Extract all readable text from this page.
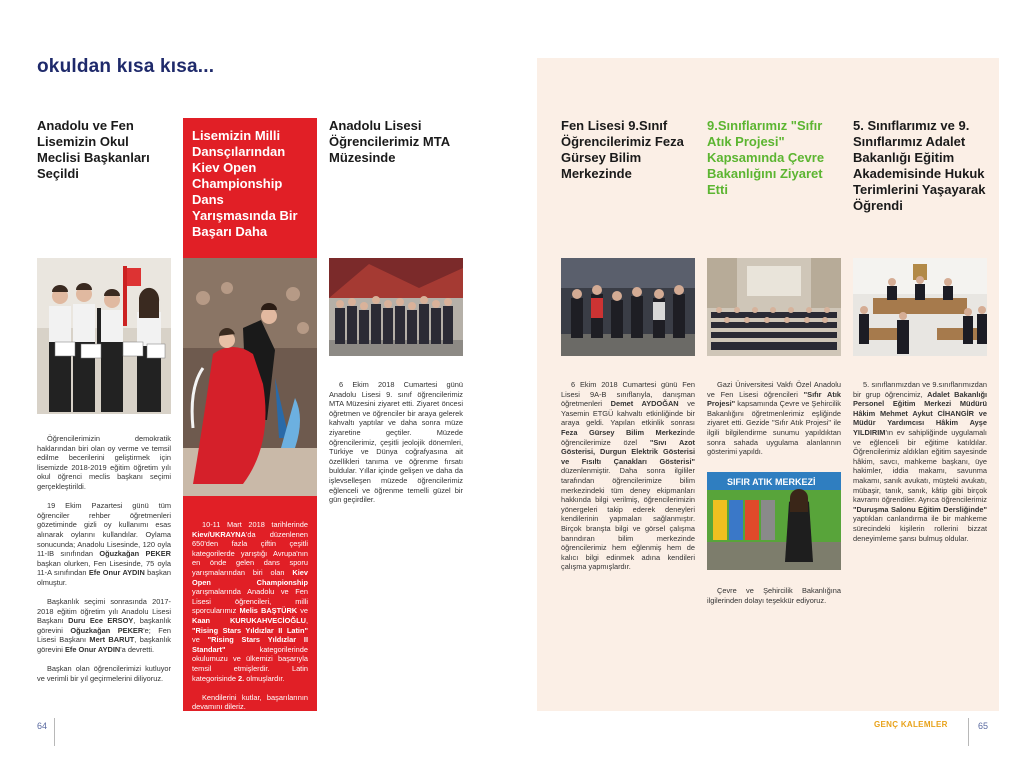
okuldan kısa kısa...
Anadolu ve Fen Lisemizin Okul Meclisi Başkanları Seçildi

Öğrencilerimizin demokratik haklarından biri olan oy verme ve temsil edilme becerilerini geliştirmek için lisemizde 2018-2019 eğitim öğretim yılı okul öğrenci meclis başkanı seçimi gerçekleştirildi.

19 Ekim Pazartesi günü tüm öğrenciler rehber öğretmenleri gözetiminde gizli oy kullanımı esas alınarak oylarını kullandılar. Oylama sonucunda; Anadolu Lisesinde, 120 oyla 11-IB sınıfından Oğuzkağan PEKER başkan olurken, Fen Lisesinde, 75 oyla 11-A sınıfından Efe Onur AYDIN başkan olmuştur.

Başkanlık seçimi sonrasında 2017-2018 eğitim öğretim yılı Anadolu Lisesi Başkanı Duru Ece ERSOY, başkanlık görevini Oğuzkağan PEKER'e; Fen Lisesi Başkanı Mert BARUT, başkanlık görevini Efe Onur AYDIN'a devretti.

Başkan olan öğrencilerimizi kutluyor ve verimli bir yıl geçirmelerini diliyoruz.

Lisemizin Milli Dansçılarından Kiev Open Championship Dans Yarışmasında Bir Başarı Daha

10-11 Mart 2018 tarihlerinde Kiev/UKRAYNA'da düzenlenen 650'den fazla çiftin çeşitli kategorilerde yarıştığı Avrupa'nın en önde gelen dans sporu yarışmalarından biri olan Kiev Open Championship yarışmalarında Anadolu ve Fen Lisesi öğrencileri, milli sporcularımız Melis BAŞTÜRK ve Kaan KURUKAHVECİOĞLU, "Rising Stars Yıldızlar II Latin" ve "Rising Stars Yıldızlar II Standart" kategorilerinde okulumuzu ve ülkemizi başarıyla temsil etmişlerdir. Latin kategorisinde 2. olmuşlardır.

Kendilerini kutlar, başarılarının devamını dileriz.

Anadolu Lisesi Öğrencilerimiz MTA Müzesinde

6 Ekim 2018 Cumartesi günü Anadolu Lisesi 9. sınıf öğrencilerimiz MTA Müzesini ziyaret etti. Ziyaret öncesi öğretmen ve öğrenciler bir araya gelerek kahvaltı yaptılar ve daha sonra müze ziyaretine geçtiler. Müzede öğrencilerimiz, çeşitli jeolojik dönemleri, Türkiye ve Dünya coğrafyasına ait özellikleri tanıma ve öğrenme fırsatı buldular. Yıllar içinde gelişen ve daha da işlevselleşen müzede öğrencilerimiz eğlenceli ve öğrenme temelli güzel bir gün geçirdiler.

Fen Lisesi 9.Sınıf Öğrencilerimiz Feza Gürsey Bilim Merkezinde

6 Ekim 2018 Cumartesi günü Fen Lisesi 9A-B sınıflarıyla, danışman öğretmenleri Demet AYDOĞAN ve Yasemin ETGÜ kahvaltı etkinliğinde bir araya geldi. Yapılan etkinlik sonrası Feza Gürsey Bilim Merkezinde öğrencilerimize özel "Sıvı Azot Gösterisi, Durgun Elektrik Gösterisi ve Fısıltı Çanakları Gösterisi" düzenlenmiştir. Daha sonra ilgililer tarafından öğrencilerimize bilim merkezindeki tüm deney ekipmanları hakkında bilgi verilmiş, öğrencilerimizin yönergeleri takip ederek deneyleri kendilerinin yapmaları sağlanmıştır. Birçok branşta bilgi ve görsel çalışma barındıran bilim merkezinde öğrencilerimiz hem eğlenmiş hem de kalıcı bilgi edinmek adına kendileri çalışma yapmışlardır.

9.Sınıflarımız "Sıfır Atık Projesi" Kapsamında Çevre Bakanlığını Ziyaret Etti

Gazi Üniversitesi Vakfı Özel Anadolu ve Fen Lisesi öğrencileri "Sıfır Atık Projesi" kapsamında Çevre ve Şehircilik Bakanlığını öğretmenlerimiz eşliğinde ziyaret etti. Gezide "Sıfır Atık Projesi" ile ilgili bilgilendirme sunumu yapıldıktan sonra sahada uygulama alanlarının gösterimi yapıldı.

SIFIR ATIK MERKEZİ

Çevre ve Şehircilik Bakanlığına ilgilerinden dolayı teşekkür ediyoruz.

5. Sınıflarımız ve 9. Sınıflarımız Adalet Bakanlığı Eğitim Akademisinde Hukuk Terimlerini Yaşayarak Öğrendi

5. sınıflarımızdan ve 9.sınıflarımızdan bir grup öğrencimiz, Adalet Bakanlığı Personel Eğitim Merkezi Müdürü Hâkim Mehmet Aykut CİHANGİR ve Müdür Yardımcısı Hâkim Ayşe YILDIRIM'ın ev sahipliğinde uygulamalı ve eğlenceli bir eğitime katıldılar. Öğrencilerimiz aldıkları eğitim sayesinde hâkim, savcı, mahkeme başkanı, üye hakimler, iddia makamı, savunma makamı, sanık avukatı, müşteki avukatı, mübaşir, tanık, sanık, kâtip gibi birçok kavramı öğrendiler. Ayrıca öğrencilerimiz "Duruşma Salonu Eğitim Dersliğinde" yaptıkları canlandırma ile bir mahkeme sürecindeki kişilerin rollerini bizzat deneyimleme şansı bulmuş oldular.

64	GENÇ KALEMLER	65
